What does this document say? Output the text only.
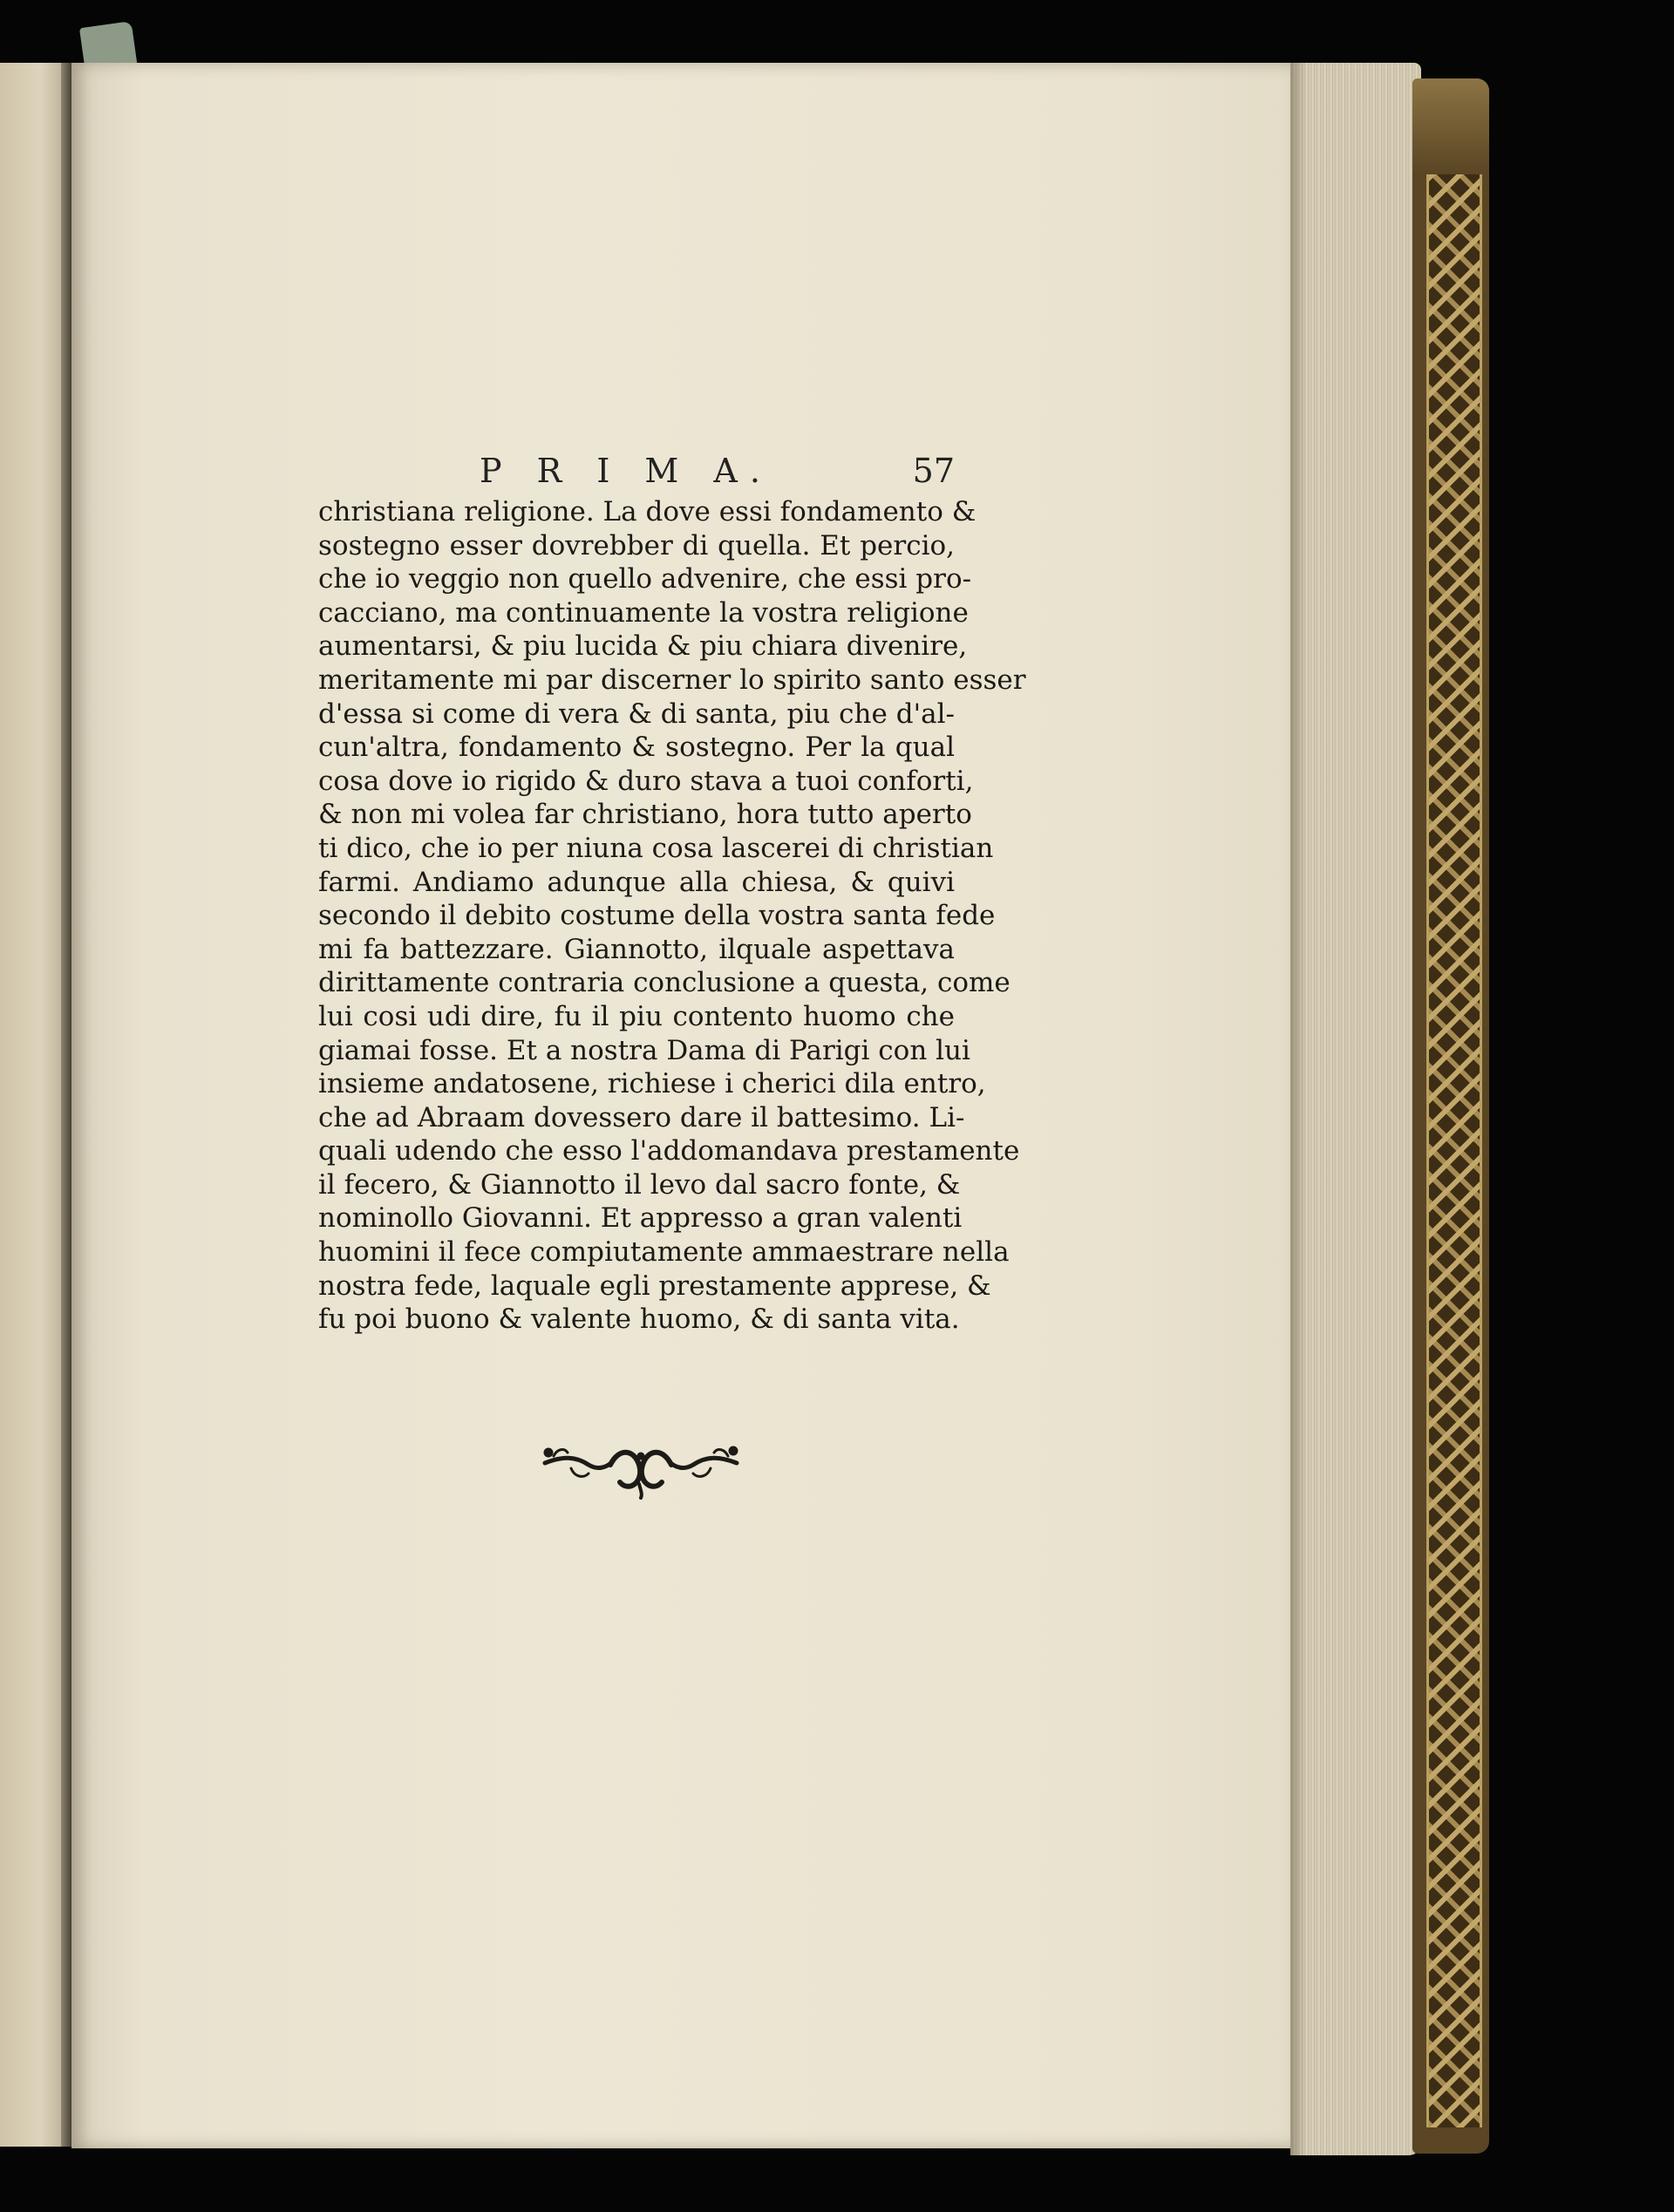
P R I M A.	57
christiana religione. La dove essi fondamento &
sostegno esser dovrebber di quella. Et percio,
che io veggio non quello advenire, che essi pro-
cacciano, ma continuamente la vostra religione
aumentarsi, & piu lucida & piu chiara divenire,
meritamente mi par discerner lo spirito santo esser
d'essa si come di vera & di santa, piu che d'al-
cun'altra, fondamento & sostegno. Per la qual
cosa dove io rigido & duro stava a tuoi conforti,
& non mi volea far christiano, hora tutto aperto
ti dico, che io per niuna cosa lascerei di christian
farmi. Andiamo adunque alla chiesa, & quivi
secondo il debito costume della vostra santa fede
mi fa battezzare. Giannotto, ilquale aspettava
dirittamente contraria conclusione a questa, come
lui cosi udi dire, fu il piu contento huomo che
giamai fosse. Et a nostra Dama di Parigi con lui
insieme andatosene, richiese i cherici dila entro,
che ad Abraam dovessero dare il battesimo. Li-
quali udendo che esso l'addomandava prestamente
il fecero, & Giannotto il levo dal sacro fonte, &
nominollo Giovanni. Et appresso a gran valenti
huomini il fece compiutamente ammaestrare nella
nostra fede, laquale egli prestamente apprese, &
fu poi buono & valente huomo, & di santa vita.
